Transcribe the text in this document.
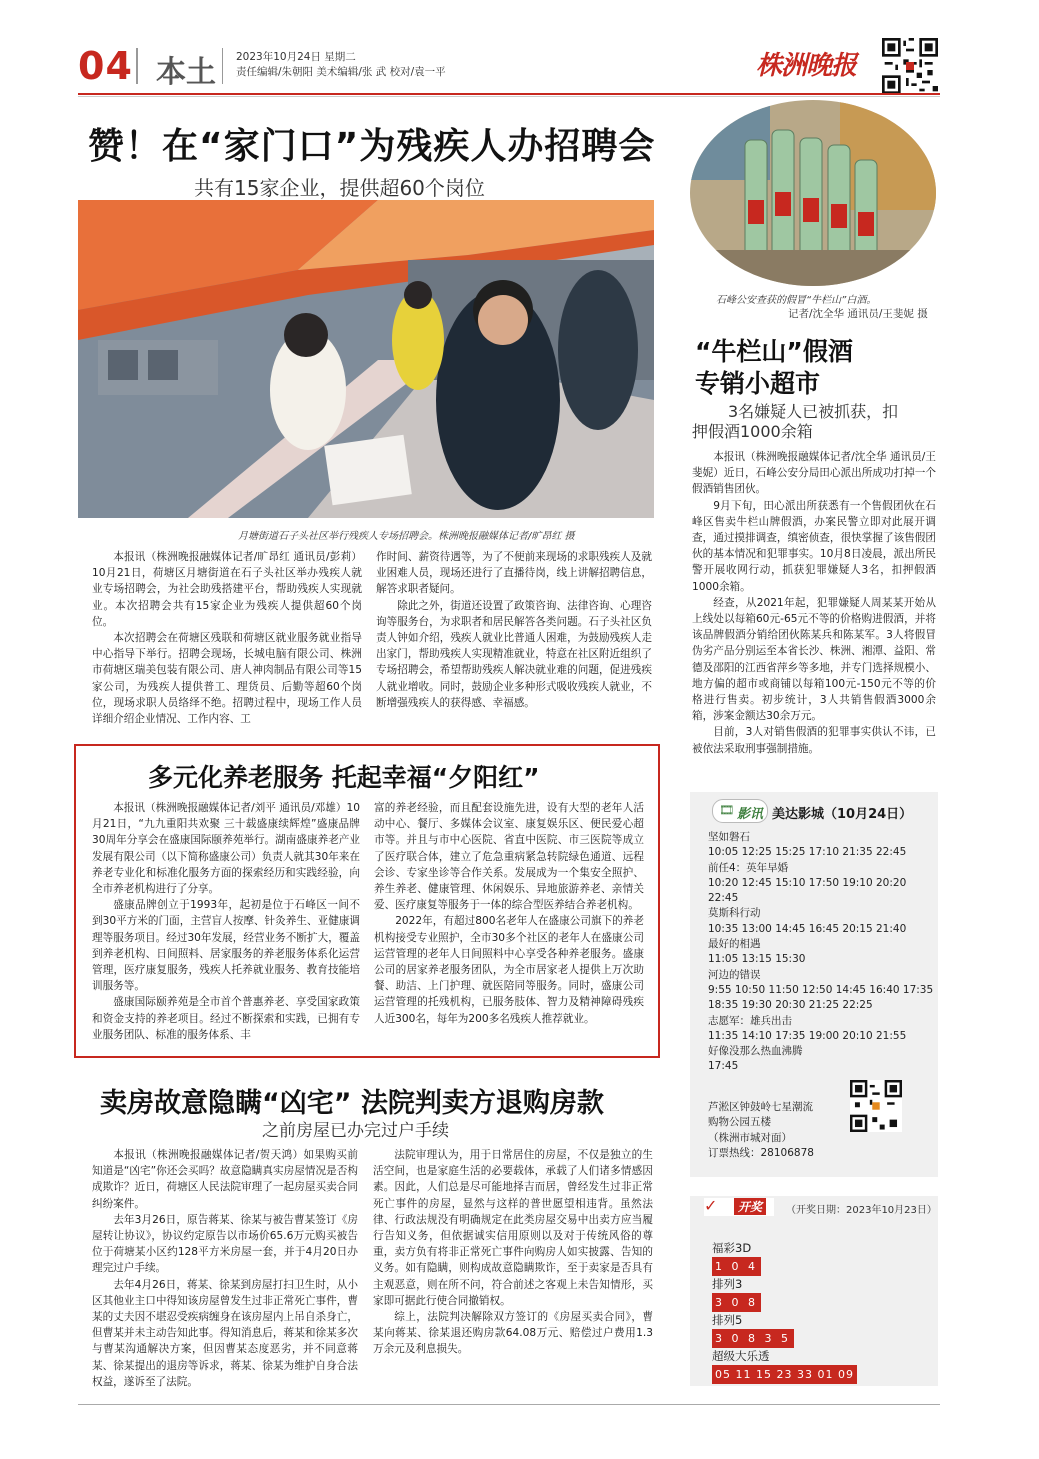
04 本土 2023年10月24日 星期二
责任编辑/朱朝阳 美术编辑/张 武 校对/袁一平	株洲晚报
赞！在“家门口”为残疾人办招聘会
共有15家企业，提供超60个岗位
月塘街道石子头社区举行残疾人专场招聘会。株洲晚报融媒体记者/旷昂红 摄

本报讯（株洲晚报融媒体记者/旷昂红 通讯员/彭莉）10月21日，荷塘区月塘街道在石子头社区举办残疾人就业专场招聘会，为社会助残搭建平台，帮助残疾人实现就业。本次招聘会共有15家企业为残疾人提供超60个岗位。

本次招聘会在荷塘区残联和荷塘区就业服务就业指导中心指导下举行。招聘会现场，长城电脑有限公司、株洲市荷塘区瑞美包装有限公司、唐人神肉制品有限公司等15家公司，为残疾人提供普工、理货员、后勤等超60个岗位，现场求职人员络绎不绝。招聘过程中，现场工作人员详细介绍企业情况、工作内容、工

作时间、薪资待遇等，为了不便前来现场的求职残疾人及就业困难人员，现场还进行了直播待岗，线上讲解招聘信息，解答求职者疑问。

除此之外，街道还设置了政策咨询、法律咨询、心理咨询等服务台，为求职者和居民解答各类问题。石子头社区负责人钟如介绍，残疾人就业比普通人困难，为鼓励残疾人走出家门，帮助残疾人实现精准就业，特意在社区附近组织了专场招聘会，希望帮助残疾人解决就业难的问题，促进残疾人就业增收。同时，鼓励企业多种形式吸收残疾人就业，不断增强残疾人的获得感、幸福感。

多元化养老服务 托起幸福“夕阳红”

本报讯（株洲晚报融媒体记者/刘平 通讯员/邓雄）10月21日，“九九重阳共欢聚 三十载盛康续辉煌”盛康品牌30周年分享会在盛康国际颐养苑举行。湖南盛康养老产业发展有限公司（以下简称盛康公司）负责人就其30年来在养老专业化和标准化服务方面的探索经历和实践经验，向全市养老机构进行了分享。

盛康品牌创立于1993年，起初是位于石峰区一间不到30平方米的门面，主营盲人按摩、针灸养生、亚健康调理等服务项目。经过30年发展，经营业务不断扩大，覆盖到养老机构、日间照料、居家服务的养老服务体系化运营管理，医疗康复服务，残疾人托养就业服务、教育技能培训服务等。

盛康国际颐养苑是全市首个普惠养老、享受国家政策和资金支持的养老项目。经过不断探索和实践，已拥有专业服务团队、标准的服务体系、丰

富的养老经验，而且配套设施先进，设有大型的老年人活动中心、餐厅、多媒体会议室、康复娱乐区、便民爱心超市等。并且与市中心医院、省直中医院、市三医院等成立了医疗联合体，建立了危急重病紧急转院绿色通道、远程会诊、专家坐诊等合作关系。发展成为一个集安全照护、养生养老、健康管理、休闲娱乐、异地旅游养老、亲情关爱、医疗康复等服务于一体的综合型医养结合养老机构。

2022年，有超过800名老年人在盛康公司旗下的养老机构接受专业照护，全市30多个社区的老年人在盛康公司运营管理的老年人日间照料中心享受各种养老服务。盛康公司的居家养老服务团队，为全市居家老人提供上万次助餐、助洁、上门护理、就医陪同等服务。同时，盛康公司运营管理的托残机构，已服务肢体、智力及精神障碍残疾人近300名，每年为200多名残疾人推荐就业。

卖房故意隐瞒“凶宅” 法院判卖方退购房款
之前房屋已办完过户手续

本报讯（株洲晚报融媒体记者/贺天鸿）如果购买前知道是“凶宅”你还会买吗？故意隐瞒真实房屋情况是否构成欺诈？近日，荷塘区人民法院审理了一起房屋买卖合同纠纷案件。

去年3月26日，原告蒋某、徐某与被告曹某签订《房屋转让协议》，协议约定原告以市场价65.6万元购买被告位于荷塘某小区约128平方米房屋一套，并于4月20日办理完过户手续。

去年4月26日，蒋某、徐某到房屋打扫卫生时，从小区其他业主口中得知该房屋曾发生过非正常死亡事件，曹某的丈夫因不堪忍受疾病缠身在该房屋内上吊自杀身亡，但曹某并未主动告知此事。得知消息后，蒋某和徐某多次与曹某沟通解决方案，但因曹某态度恶劣，并不同意蒋某、徐某提出的退房等诉求，蒋某、徐某为维护自身合法权益，遂诉至了法院。

法院审理认为，用于日常居住的房屋，不仅是独立的生活空间，也是家庭生活的必要载体，承载了人们诸多情感因素。因此，人们总是尽可能地择吉而居，曾经发生过非正常死亡事件的房屋，显然与这样的普世愿望相违背。虽然法律、行政法规没有明确规定在此类房屋交易中出卖方应当履行告知义务，但依据诚实信用原则以及对于传统风俗的尊重，卖方负有将非正常死亡事件向购房人如实披露、告知的义务。如有隐瞒，则构成故意隐瞒欺诈，至于卖家是否具有主观恶意，则在所不问，符合前述之客观上未告知情形，买家即可据此行使合同撤销权。

综上，法院判决解除双方签订的《房屋买卖合同》，曹某向蒋某、徐某退还购房款64.08万元、赔偿过户费用1.3万余元及利息损失。

石峰公安查获的假冒“牛栏山”白酒。
记者/沈全华 通讯员/王斐妮 摄
“牛栏山”假酒
专销小超市
3名嫌疑人已被抓获，扣
押假酒1000余箱

本报讯（株洲晚报融媒体记者/沈全华 通讯员/王斐妮）近日，石峰公安分局田心派出所成功打掉一个假酒销售团伙。

9月下旬，田心派出所获悉有一个售假团伙在石峰区售卖牛栏山牌假酒，办案民警立即对此展开调查，通过摸排调查，缜密侦查，很快掌握了该售假团伙的基本情况和犯罪事实。10月8日凌晨，派出所民警开展收网行动，抓获犯罪嫌疑人3名，扣押假酒1000余箱。

经查，从2021年起，犯罪嫌疑人周某某开始从上线处以每箱60元-65元不等的价格购进假酒，并将该品牌假酒分销给团伙陈某兵和陈某军。3人将假冒伪劣产品分别运至本省长沙、株洲、湘潭、益阳、常德及邵阳的江西省萍乡等多地，并专门选择规模小、地方偏的超市或商铺以每箱100元-150元不等的价格进行售卖。初步统计，3人共销售假酒3000余箱，涉案金额达30余万元。

目前，3人对销售假酒的犯罪事实供认不讳，已被依法采取刑事强制措施。

🎞 影讯 美达影城（10月24日）
坚如磐石
10:05 12:25 15:25 17:10 21:35 22:45
前任4：英年早婚
10:20 12:45 15:10 17:50 19:10 20:20 22:45
莫斯科行动
10:35 13:00 14:45 16:45 20:15 21:40
最好的相遇
11:05 13:15 15:30
河边的错误
9:55 10:50 11:50 12:50 14:45 16:40 17:35 18:35 19:30 20:30 21:25 22:25
志愿军：雄兵出击
11:35 14:10 17:35 19:00 20:10 21:55
好像没那么热血沸腾
17:45
芦淞区钟鼓岭七星潮流
购物公园五楼
（株洲市城对面）
订票热线：28106878
✓	开奖	（开奖日期：2023年10月23日）
福彩3D
1 0 4
排列3
3 0 8
排列5
3 0 8 3 5
超级大乐透
05 11 15 23 33 01 09
